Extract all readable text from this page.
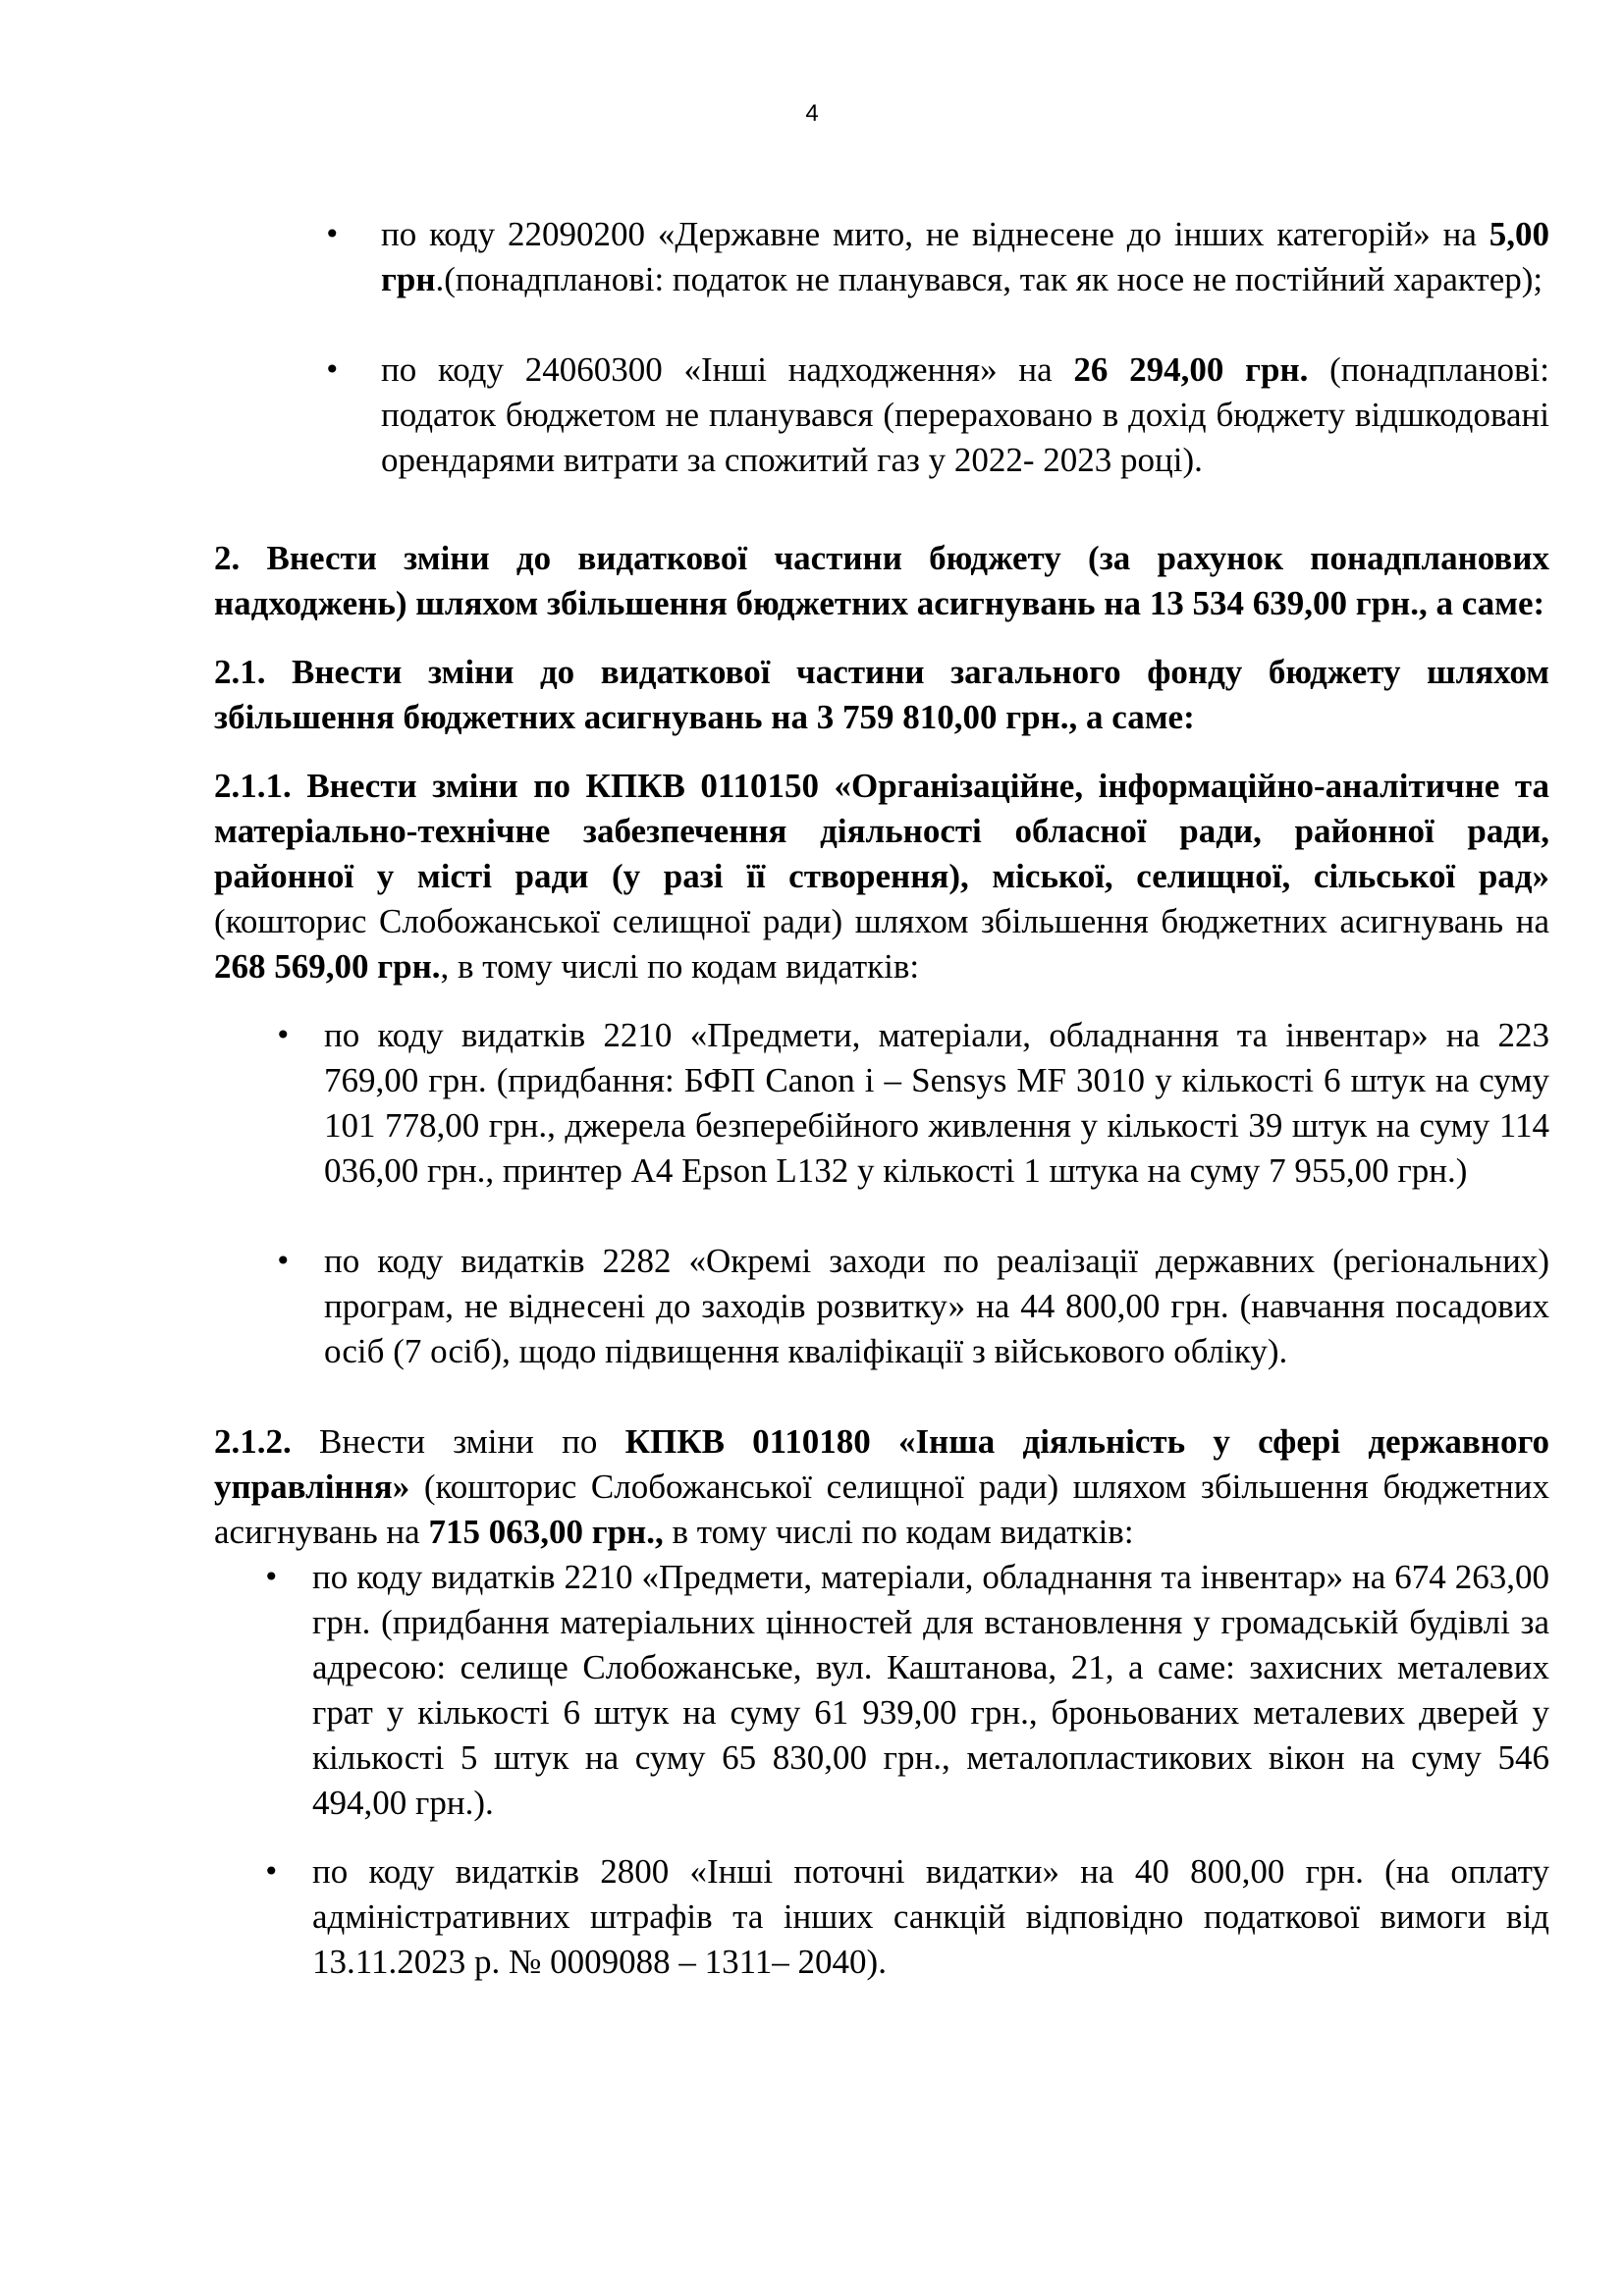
4
• по коду 22090200 «Державне мито, не віднесене до інших категорій» на 5,00 грн.(понадпланові: податок не планувався, так як носе не постійний характер);
• по коду 24060300 «Інші надходження» на 26 294,00 грн. (понадпланові: податок бюджетом не планувався (перераховано в дохід бюджету відшкодовані орендарями витрати за спожитий газ у 2022- 2023 році).

2. Внести зміни до видаткової частини бюджету (за рахунок понадпланових надходжень) шляхом збільшення бюджетних асигнувань на 13 534 639,00 грн., а саме:

2.1. Внести зміни до видаткової частини загального фонду бюджету шляхом збільшення бюджетних асигнувань на 3 759 810,00 грн., а саме:

2.1.1. Внести зміни по КПКВ 0110150 «Організаційне, інформаційно-аналітичне та матеріально-технічне забезпечення діяльності обласної ради, районної ради, районної у місті ради (у разі її створення), міської, селищної, сільської рад» (кошторис Слобожанської селищної ради) шляхом збільшення бюджетних асигнувань на 268 569,00 грн., в тому числі по кодам видатків:

• по коду видатків 2210 «Предмети, матеріали, обладнання та інвентар» на 223 769,00 грн. (придбання: БФП Canon i – Sensys MF 3010 у кількості 6 штук на суму 101 778,00 грн., джерела безперебійного живлення у кількості 39 штук на суму 114 036,00 грн., принтер А4 Epson L132 у кількості 1 штука на суму 7 955,00 грн.)
• по коду видатків 2282 «Окремі заходи по реалізації державних (регіональних) програм, не віднесені до заходів розвитку» на 44 800,00 грн. (навчання посадових осіб (7 осіб), щодо підвищення кваліфікації з військового обліку).

2.1.2. Внести зміни по КПКВ 0110180 «Інша діяльність у сфері державного управління» (кошторис Слобожанської селищної ради) шляхом збільшення бюджетних асигнувань на 715 063,00 грн., в тому числі по кодам видатків:

• по коду видатків 2210 «Предмети, матеріали, обладнання та інвентар» на 674 263,00 грн. (придбання матеріальних цінностей для встановлення у громадській будівлі за адресою: селище Слобожанське, вул. Каштанова, 21, а саме: захисних металевих грат у кількості 6 штук на суму 61 939,00 грн., броньованих металевих дверей у кількості 5 штук на суму 65 830,00 грн., металопластикових вікон на суму 546 494,00 грн.).
• по коду видатків 2800 «Інші поточні видатки» на 40 800,00 грн. (на оплату адміністративних штрафів та інших санкцій відповідно податкової вимоги від 13.11.2023 р. № 0009088 – 1311– 2040).
